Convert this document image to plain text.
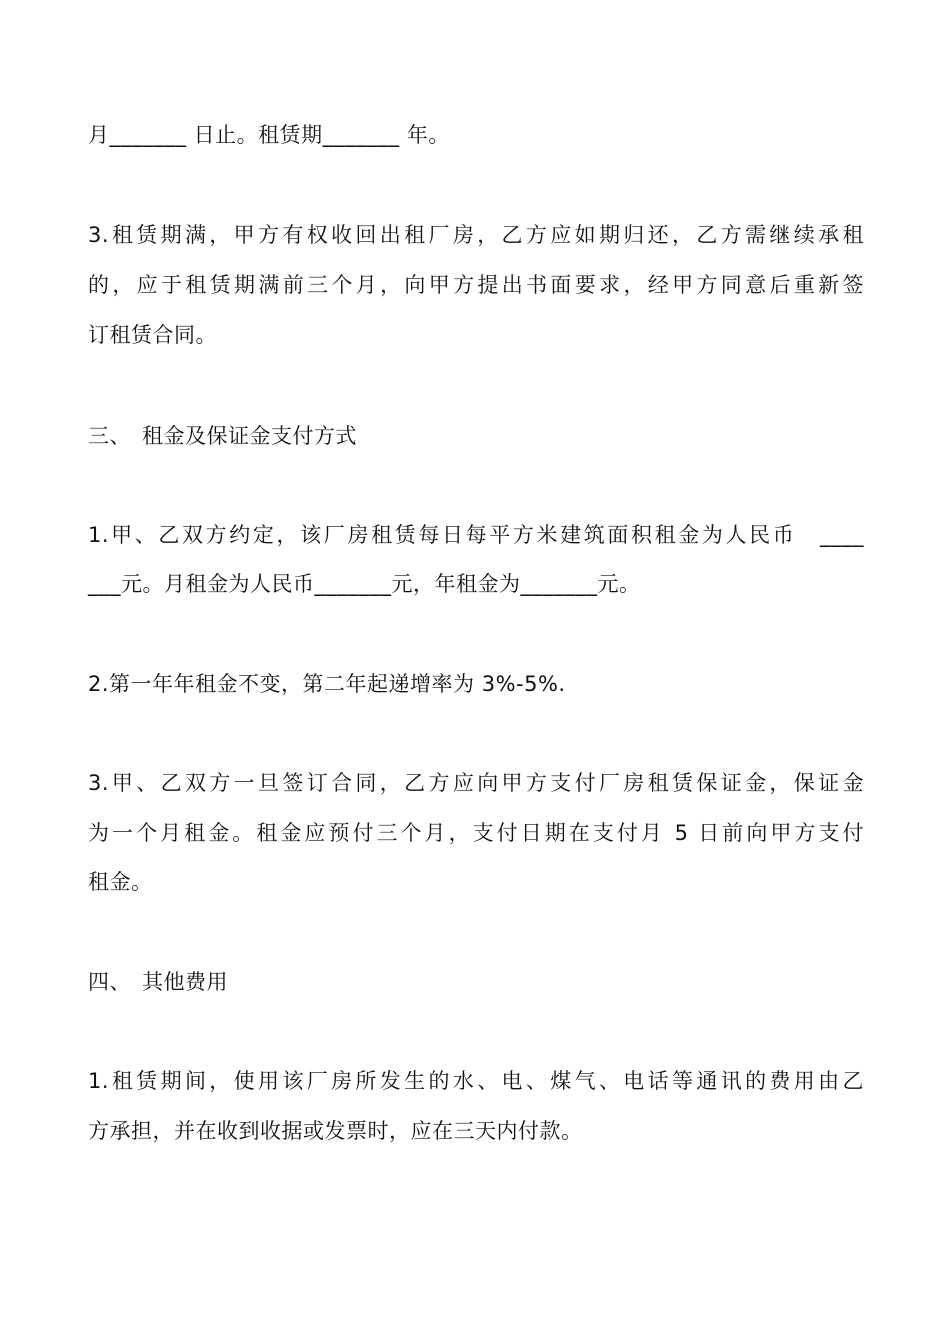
月_______ 日止。租赁期_______ 年。
3.租赁期满，甲方有权收回出租厂房，乙方应如期归还，乙方需继续承租
的，应于租赁期满前三个月，向甲方提出书面要求，经甲方同意后重新签
订租赁合同。
三、　租金及保证金支付方式
1.甲、乙双方约定，该厂房租赁每日每平方米建筑面积租金为人民币　____
___元。月租金为人民币_______元，年租金为_______元。
2.第一年年租金不变，第二年起递增率为 3%-5%.
3.甲、乙双方一旦签订合同，乙方应向甲方支付厂房租赁保证金，保证金
为一个月租金。租金应预付三个月，支付日期在支付月 5 日前向甲方支付
租金。
四、　其他费用
1.租赁期间，使用该厂房所发生的水、电、煤气、电话等通讯的费用由乙
方承担，并在收到收据或发票时，应在三天内付款。
